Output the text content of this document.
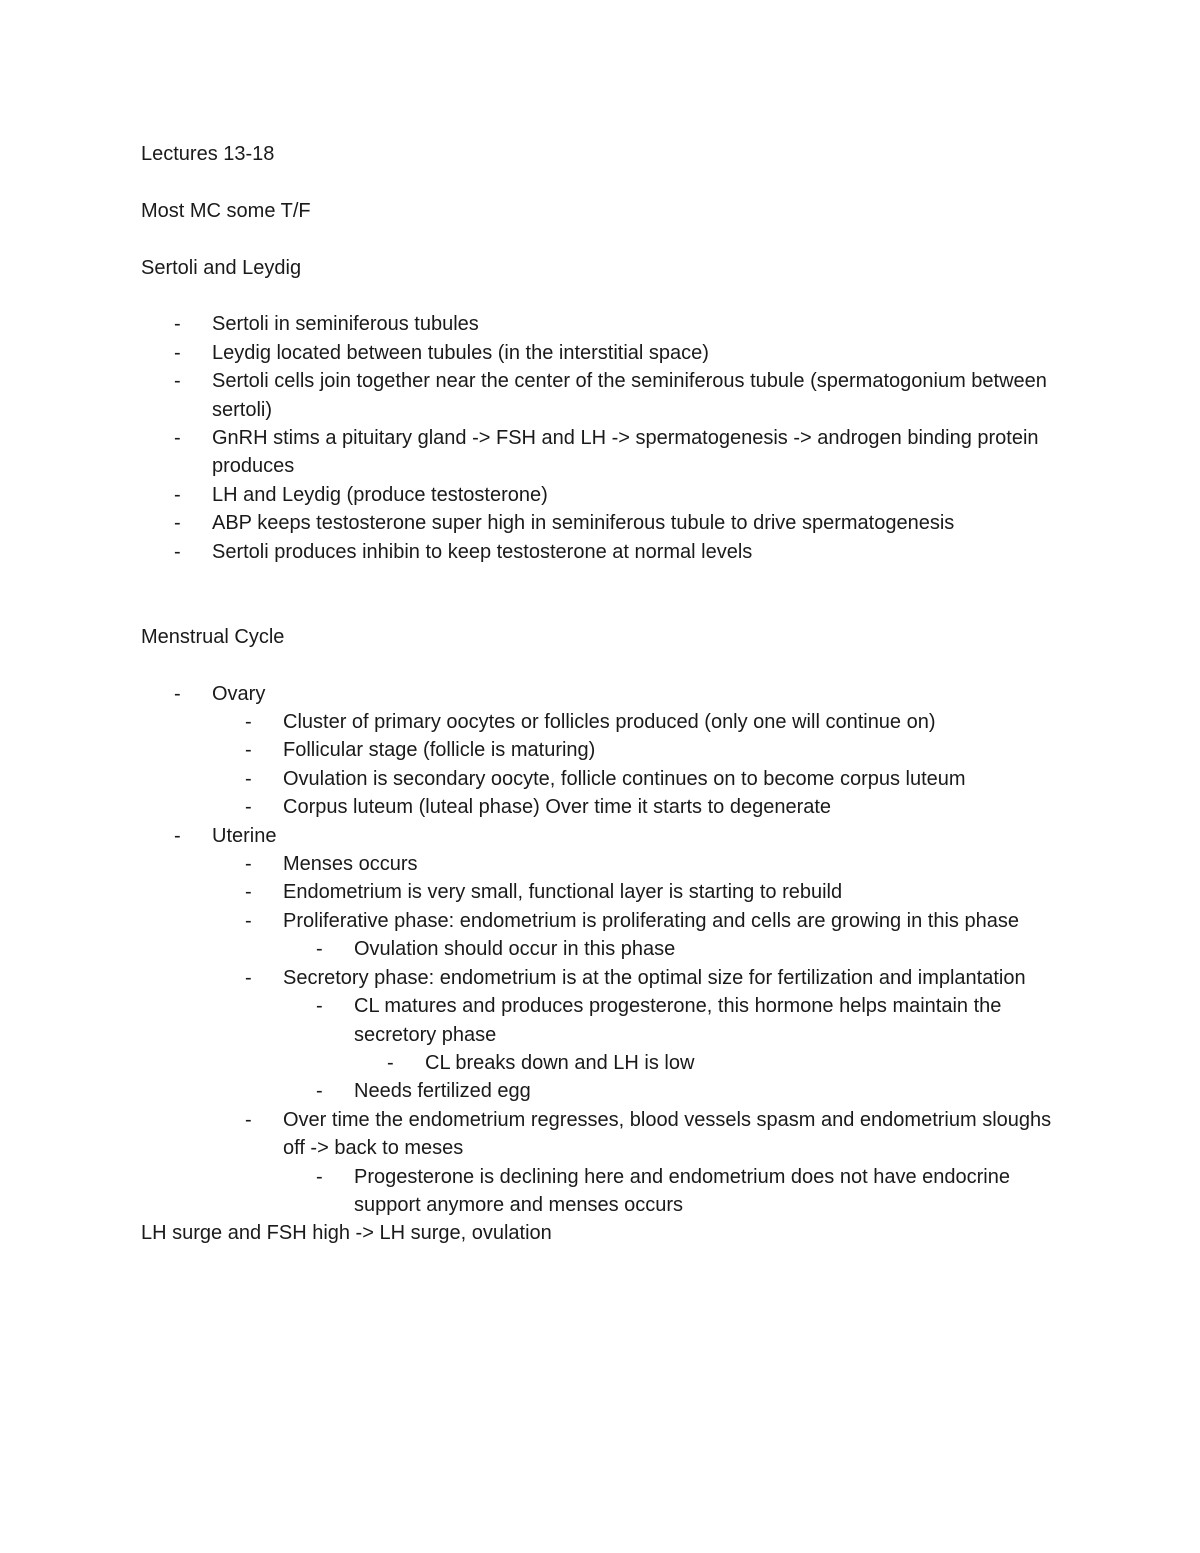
Lectures 13-18

Most MC some T/F

Sertoli and Leydig

- Sertoli in seminiferous tubules
- Leydig located between tubules (in the interstitial space)
- Sertoli cells join together near the center of the seminiferous tubule (spermatogonium between sertoli)
- GnRH stims a pituitary gland -> FSH and LH -> spermatogenesis -> androgen binding protein produces
- LH and Leydig (produce testosterone)
- ABP keeps testosterone super high in seminiferous tubule to drive spermatogenesis
- Sertoli produces inhibin to keep testosterone at normal levels

Menstrual Cycle

- Ovary
- Cluster of primary oocytes or follicles produced (only one will continue on)
- Follicular stage (follicle is maturing)
- Ovulation is secondary oocyte, follicle continues on to become corpus luteum
- Corpus luteum (luteal phase) Over time it starts to degenerate
- Uterine
- Menses occurs
- Endometrium is very small, functional layer is starting to rebuild
- Proliferative phase: endometrium is proliferating and cells are growing in this phase
- Ovulation should occur in this phase
- Secretory phase: endometrium is at the optimal size for fertilization and implantation
- CL matures and produces progesterone, this hormone helps maintain the secretory phase
- CL breaks down and LH is low
- Needs fertilized egg
- Over time the endometrium regresses, blood vessels spasm and endometrium sloughs off -> back to meses
- Progesterone is declining here and endometrium does not have endocrine support anymore and menses occurs

LH surge and FSH high -> LH surge, ovulation
